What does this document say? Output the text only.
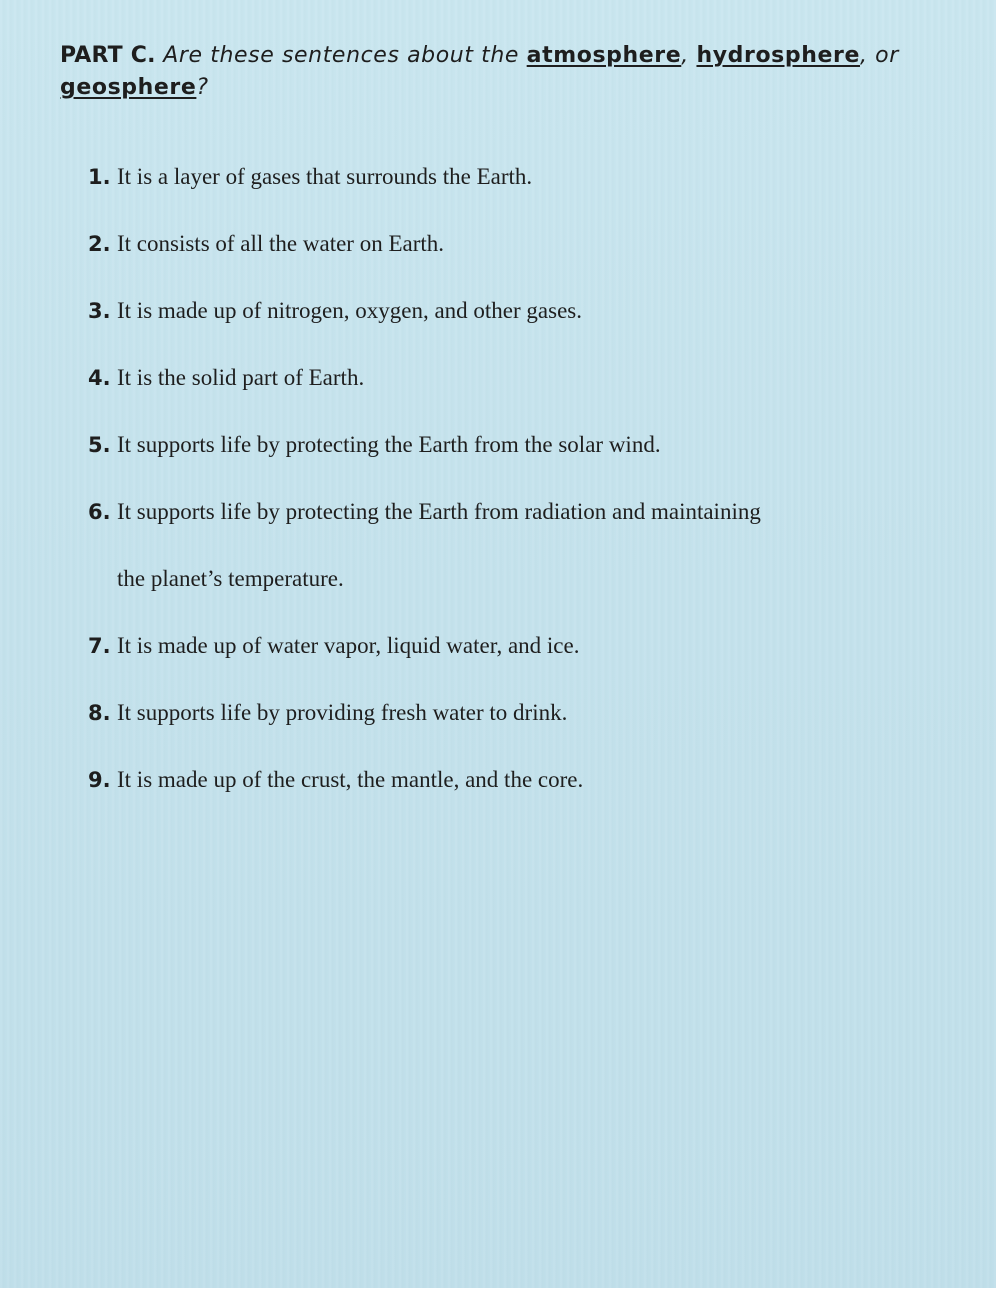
PART C. Are these sentences about the atmosphere, hydrosphere, or geosphere?
1. It is a layer of gases that surrounds the Earth.
2. It consists of all the water on Earth.
3. It is made up of nitrogen, oxygen, and other gases.
4. It is the solid part of Earth.
5. It supports life by protecting the Earth from the solar wind.
6. It supports life by protecting the Earth from radiation and maintaining
the planet’s temperature.
7. It is made up of water vapor, liquid water, and ice.
8. It supports life by providing fresh water to drink.
9. It is made up of the crust, the mantle, and the core.
